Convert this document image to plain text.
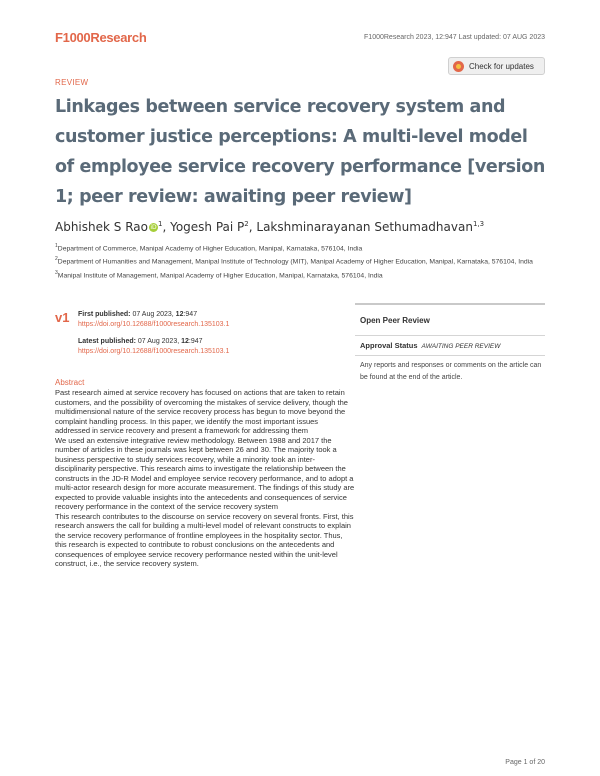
F1000Research	F1000Research 2023, 12:947 Last updated: 07 AUG 2023
Check for updates
REVIEW
Linkages between service recovery system and customer justice perceptions: A multi-level model of employee service recovery performance [version 1; peer review: awaiting peer review]
Abhishek S Rao $iD^1$, Yogesh Pai $P^2$, Lakshminarayanan Sethumadhavan$^{1,3}$
$^1$Department of Commerce, Manipal Academy of Higher Education, Manipal, Karnataka, 576104, India
$^2$Department of Humanities and Management, Manipal Institute of Technology (MIT), Manipal Academy of Higher Education, Manipal, Karnataka, 576104, India
$^3$Manipal Institute of Management, Manipal Academy of Higher Education, Manipal, Karnataka, 576104, India
v1 First published: 07 Aug 2023, 12:947
https://doi.org/10.12688/f1000research.135103.1
Latest published: 07 Aug 2023, 12:947
https://doi.org/10.12688/f1000research.135103.1
Open Peer Review
Approval Status AWAITING PEER REVIEW
Any reports and responses or comments on the article can be found at the end of the article.
Abstract

Past research aimed at service recovery has focused on actions that are taken to retain customers, and the possibility of overcoming the mistakes of service delivery, though the multidimensional nature of the service recovery process has begun to move beyond the complaint handling process. In this paper, we identify the most important issues addressed in service recovery and present a framework for addressing them

We used an extensive integrative review methodology. Between 1988 and 2017 the number of articles in these journals was kept between 26 and 30. The majority took a business perspective to study services recovery, while a minority took an inter-disciplinarity perspective. This research aims to investigate the relationship between the constructs in the JD-R Model and employee service recovery performance, and to adopt a multi-actor research design for more accurate measurement. The findings of this study are expected to provide valuable insights into the antecedents and consequences of service recovery performance in the context of the service recovery system

This research contributes to the discourse on service recovery on several fronts. First, this research answers the call for building a multi-level model of relevant constructs to explain the service recovery performance of frontline employees in the hospitality sector. Thus, this research is expected to contribute to robust conclusions on the antecedents and consequences of employee service recovery performance nested within the unit-level construct, i.e., the service recovery system.

Page 1 of 20
